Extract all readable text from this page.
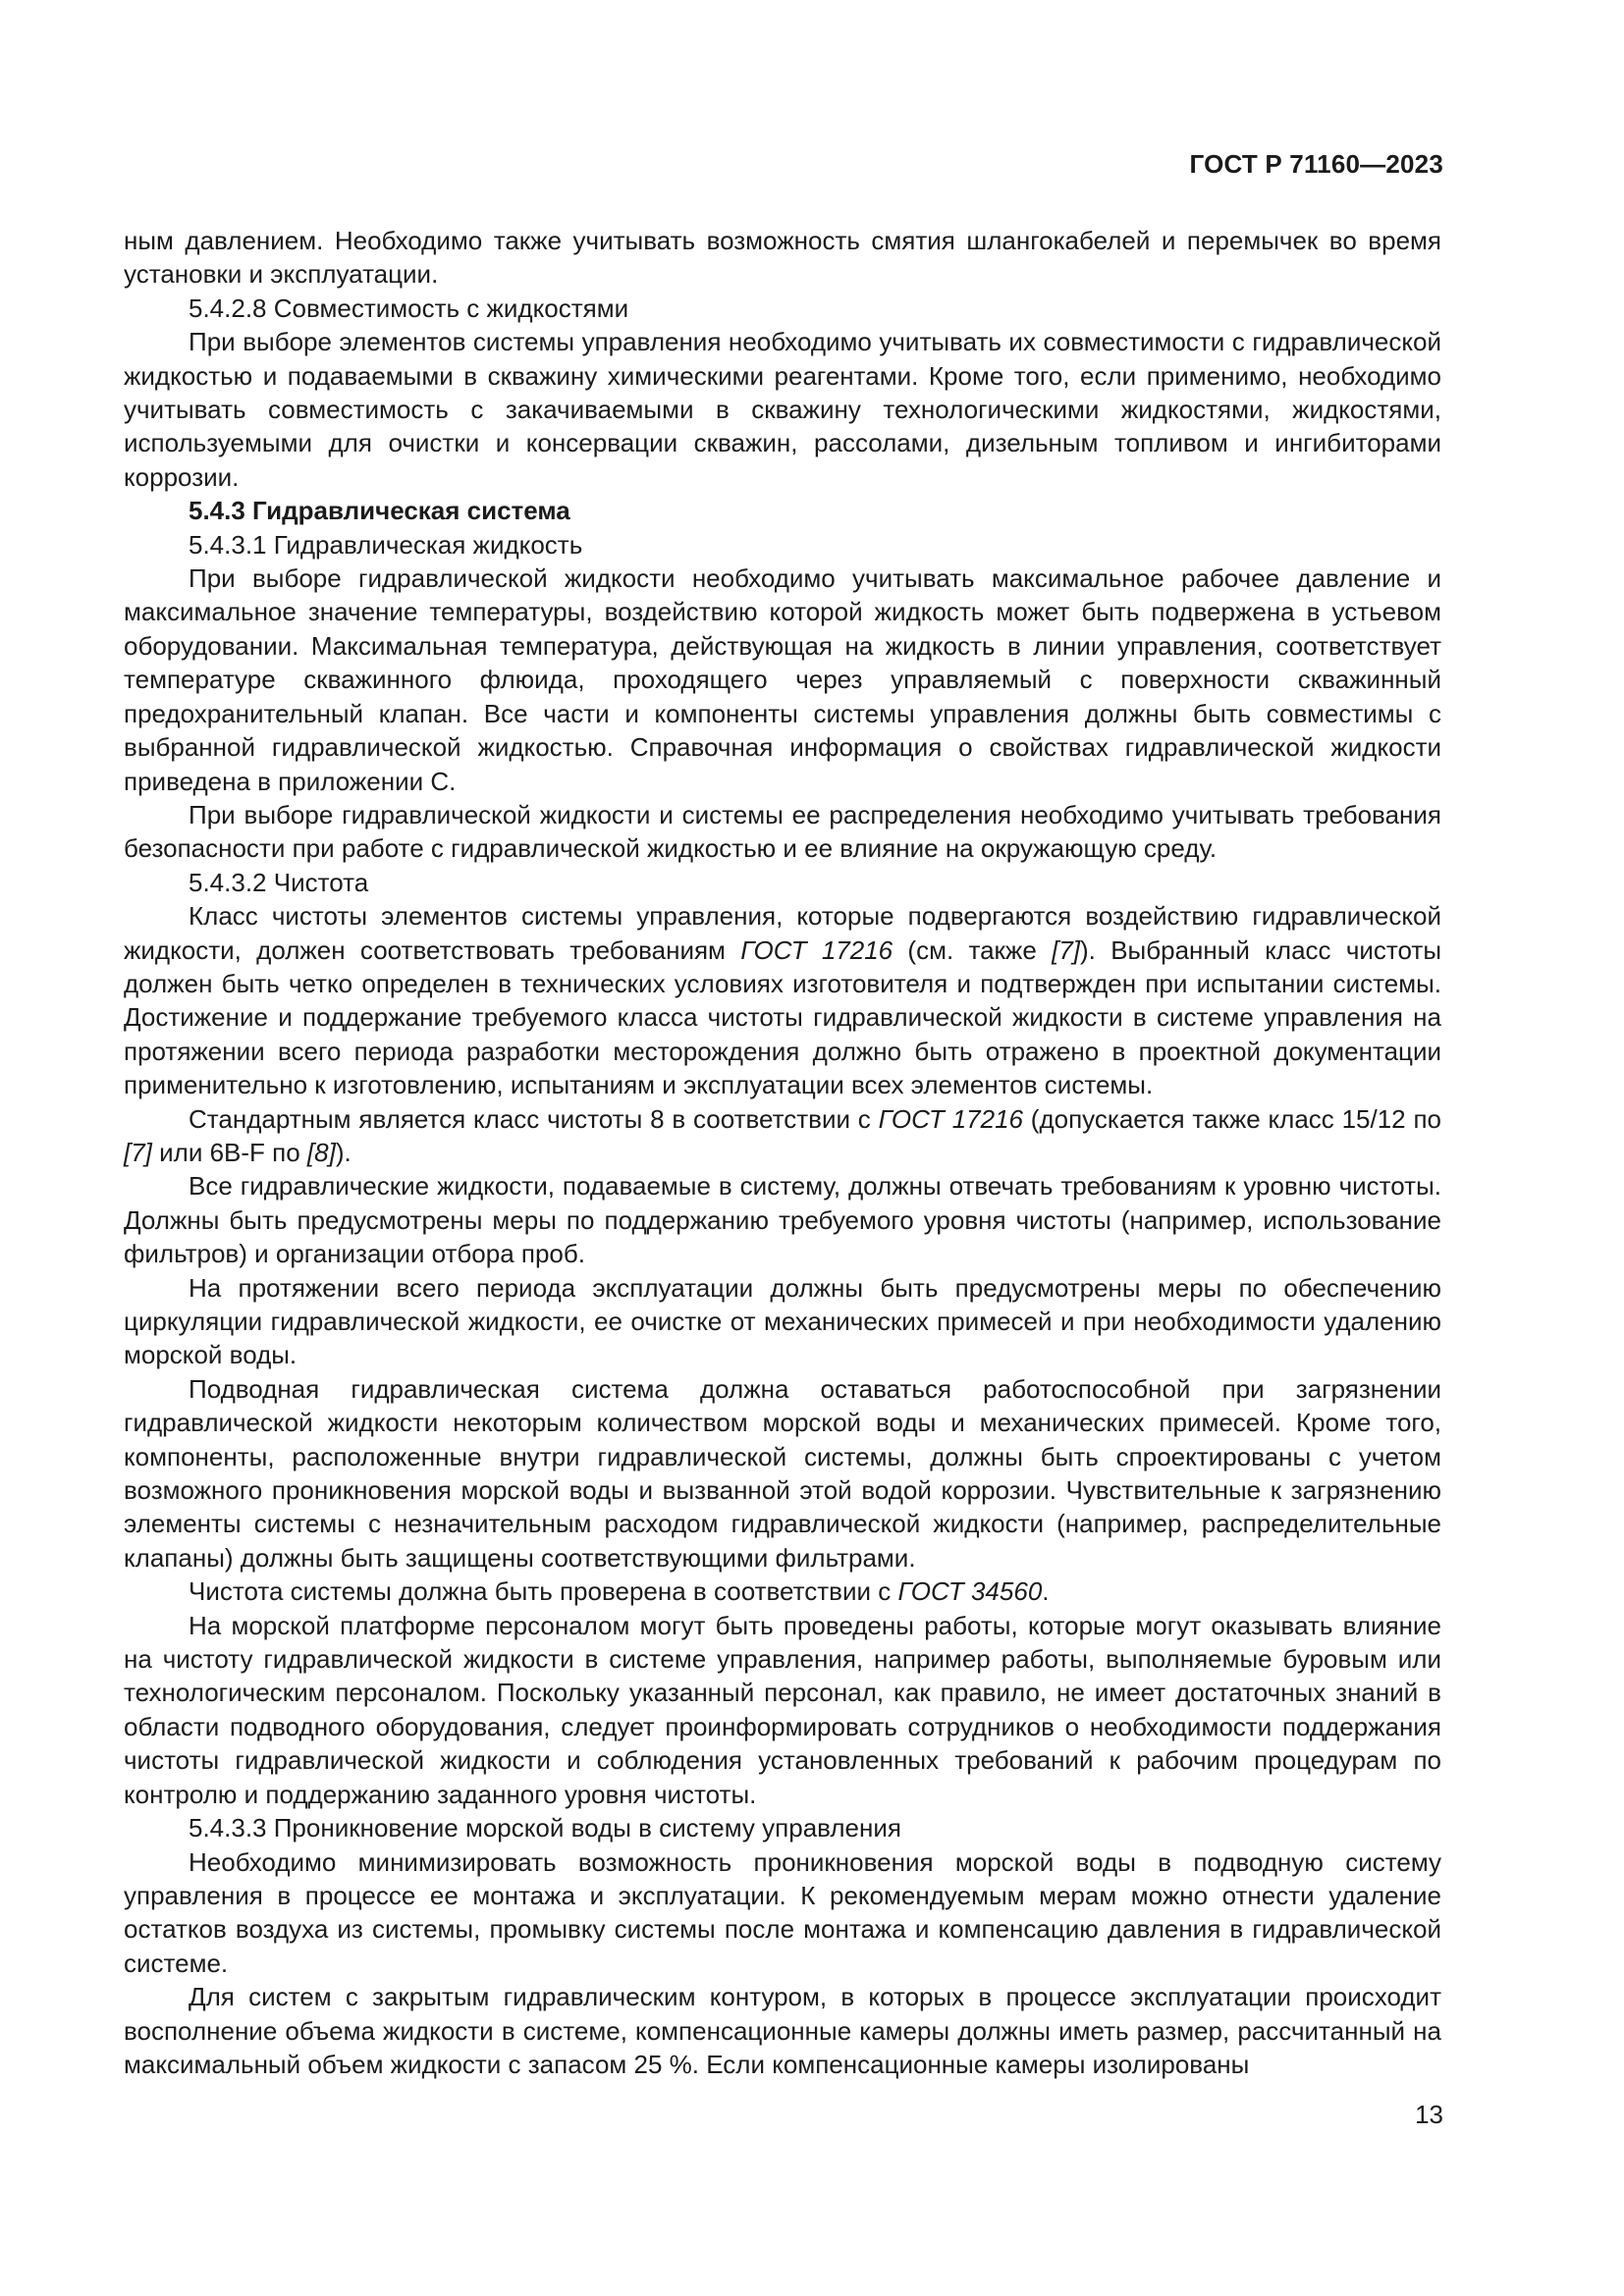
ГОСТ Р 71160—2023

ным давлением. Необходимо также учитывать возможность смятия шлангокабелей и перемычек во время установки и эксплуатации.

5.4.2.8 Совместимость с жидкостями

При выборе элементов системы управления необходимо учитывать их совместимости с гидравлической жидкостью и подаваемыми в скважину химическими реагентами. Кроме того, если применимо, необходимо учитывать совместимость с закачиваемыми в скважину технологическими жидкостями, жидкостями, используемыми для очистки и консервации скважин, рассолами, дизельным топливом и ингибиторами коррозии.

5.4.3 Гидравлическая система

5.4.3.1 Гидравлическая жидкость

При выборе гидравлической жидкости необходимо учитывать максимальное рабочее давление и максимальное значение температуры, воздействию которой жидкость может быть подвержена в устьевом оборудовании. Максимальная температура, действующая на жидкость в линии управления, соответствует температуре скважинного флюида, проходящего через управляемый с поверхности скважинный предохранительный клапан. Все части и компоненты системы управления должны быть совместимы с выбранной гидравлической жидкостью. Справочная информация о свойствах гидравлической жидкости приведена в приложении С.

При выборе гидравлической жидкости и системы ее распределения необходимо учитывать требования безопасности при работе с гидравлической жидкостью и ее влияние на окружающую среду.

5.4.3.2 Чистота

Класс чистоты элементов системы управления, которые подвергаются воздействию гидравлической жидкости, должен соответствовать требованиям ГОСТ 17216 (см. также [7]). Выбранный класс чистоты должен быть четко определен в технических условиях изготовителя и подтвержден при испытании системы. Достижение и поддержание требуемого класса чистоты гидравлической жидкости в системе управления на протяжении всего периода разработки месторождения должно быть отражено в проектной документации применительно к изготовлению, испытаниям и эксплуатации всех элементов системы.

Стандартным является класс чистоты 8 в соответствии с ГОСТ 17216 (допускается также класс 15/12 по [7] или 6В-F по [8]).

Все гидравлические жидкости, подаваемые в систему, должны отвечать требованиям к уровню чистоты. Должны быть предусмотрены меры по поддержанию требуемого уровня чистоты (например, использование фильтров) и организации отбора проб.

На протяжении всего периода эксплуатации должны быть предусмотрены меры по обеспечению циркуляции гидравлической жидкости, ее очистке от механических примесей и при необходимости удалению морской воды.

Подводная гидравлическая система должна оставаться работоспособной при загрязнении гидравлической жидкости некоторым количеством морской воды и механических примесей. Кроме того, компоненты, расположенные внутри гидравлической системы, должны быть спроектированы с учетом возможного проникновения морской воды и вызванной этой водой коррозии. Чувствительные к загрязнению элементы системы с незначительным расходом гидравлической жидкости (например, распределительные клапаны) должны быть защищены соответствующими фильтрами.

Чистота системы должна быть проверена в соответствии с ГОСТ 34560.

На морской платформе персоналом могут быть проведены работы, которые могут оказывать влияние на чистоту гидравлической жидкости в системе управления, например работы, выполняемые буровым или технологическим персоналом. Поскольку указанный персонал, как правило, не имеет достаточных знаний в области подводного оборудования, следует проинформировать сотрудников о необходимости поддержания чистоты гидравлической жидкости и соблюдения установленных требований к рабочим процедурам по контролю и поддержанию заданного уровня чистоты.

5.4.3.3 Проникновение морской воды в систему управления

Необходимо минимизировать возможность проникновения морской воды в подводную систему управления в процессе ее монтажа и эксплуатации. К рекомендуемым мерам можно отнести удаление остатков воздуха из системы, промывку системы после монтажа и компенсацию давления в гидравлической системе.

Для систем с закрытым гидравлическим контуром, в которых в процессе эксплуатации происходит восполнение объема жидкости в системе, компенсационные камеры должны иметь размер, рассчитанный на максимальный объем жидкости с запасом 25 %. Если компенсационные камеры изолированы

13
